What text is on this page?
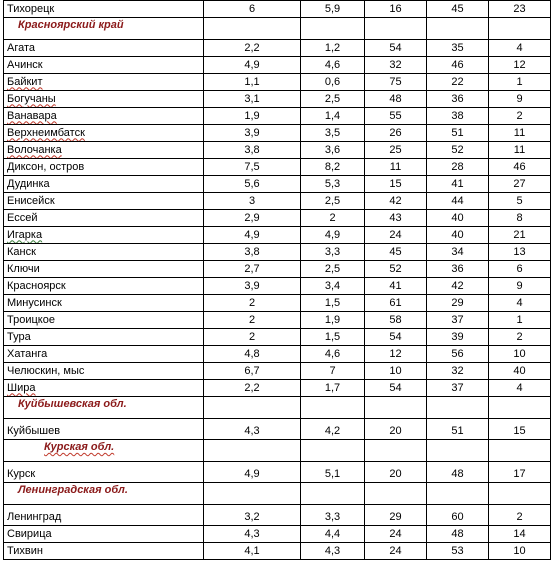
Тихорецк	6	5,9	16	45	23
Красноярский край					
Агата	2,2	1,2	54	35	4
Ачинск	4,9	4,6	32	46	12
Байкит	1,1	0,6	75	22	1
Богучаны	3,1	2,5	48	36	9
Ванавара	1,9	1,4	55	38	2
Верхнеимбатск	3,9	3,5	26	51	11
Волочанка	3,8	3,6	25	52	11
Диксон, остров	7,5	8,2	11	28	46
Дудинка	5,6	5,3	15	41	27
Енисейск	3	2,5	42	44	5
Ессей	2,9	2	43	40	8
Игарка	4,9	4,9	24	40	21
Канск	3,8	3,3	45	34	13
Ключи	2,7	2,5	52	36	6
Красноярск	3,9	3,4	41	42	9
Минусинск	2	1,5	61	29	4
Троицкое	2	1,9	58	37	1
Тура	2	1,5	54	39	2
Хатанга	4,8	4,6	12	56	10
Челюскин, мыс	6,7	7	10	32	40
Шира	2,2	1,7	54	37	4
Куйбышевская обл.					
Куйбышев	4,3	4,2	20	51	15
Курская обл.					
Курск	4,9	5,1	20	48	17
Ленинградская обл.					
Ленинград	3,2	3,3	29	60	2
Свирица	4,3	4,4	24	48	14
Тихвин	4,1	4,3	24	53	10
